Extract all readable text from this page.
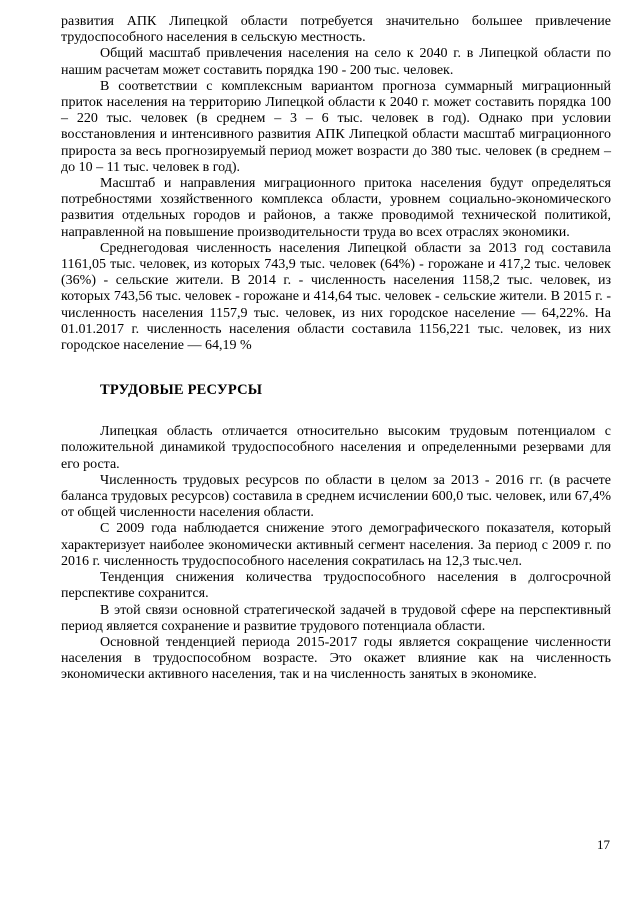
развития АПК Липецкой области потребуется значительно большее привлечение трудоспособного населения в сельскую местность.

Общий масштаб привлечения населения на село к 2040 г. в Липецкой области по нашим расчетам может составить порядка 190 - 200 тыс. человек.

В соответствии с комплексным вариантом прогноза суммарный миграционный приток населения на территорию Липецкой области к 2040 г. может составить порядка 100 – 220 тыс. человек (в среднем – 3 – 6 тыс. человек в год). Однако при условии восстановления и интенсивного развития АПК Липецкой области масштаб миграционного прироста за весь прогнозируемый период может возрасти до 380 тыс. человек (в среднем – до 10 – 11 тыс. человек в год).

Масштаб и направления миграционного притока населения будут определяться потребностями хозяйственного комплекса области, уровнем социально-экономического развития отдельных городов и районов, а также проводимой технической политикой, направленной на повышение производительности труда во всех отраслях экономики.

Среднегодовая численность населения Липецкой области за 2013 год составила 1161,05 тыс. человек, из которых 743,9 тыс. человек (64%) - горожане и 417,2 тыс. человек (36%) - сельские жители. В 2014 г. - численность населения 1158,2 тыс. человек, из которых 743,56 тыс. человек - горожане и 414,64 тыс. человек - сельские жители. В 2015 г. - численность населения 1157,9 тыс. человек, из них городское население — 64,22%. На 01.01.2017 г. численность населения области составила 1156,221 тыс. человек, из них городское население — 64,19 %

ТРУДОВЫЕ РЕСУРСЫ

Липецкая область отличается относительно высоким трудовым потенциалом с положительной динамикой трудоспособного населения и определенными резервами для его роста.

Численность трудовых ресурсов по области в целом за 2013 - 2016 гг. (в расчете баланса трудовых ресурсов) составила в среднем исчислении 600,0 тыс. человек, или 67,4% от общей численности населения области.

С 2009 года наблюдается снижение этого демографического показателя, который характеризует наиболее экономически активный сегмент населения. За период с 2009 г. по 2016 г. численность трудоспособного населения сократилась на 12,3 тыс.чел.

Тенденция снижения количества трудоспособного населения в долгосрочной перспективе сохранится.

В этой связи основной стратегической задачей в трудовой сфере на перспективный период является сохранение и развитие трудового потенциала области.

Основной тенденцией периода 2015-2017 годы является сокращение численности населения в трудоспособном возрасте. Это окажет влияние как на численность экономически активного населения, так и на численность занятых в экономике.

17
